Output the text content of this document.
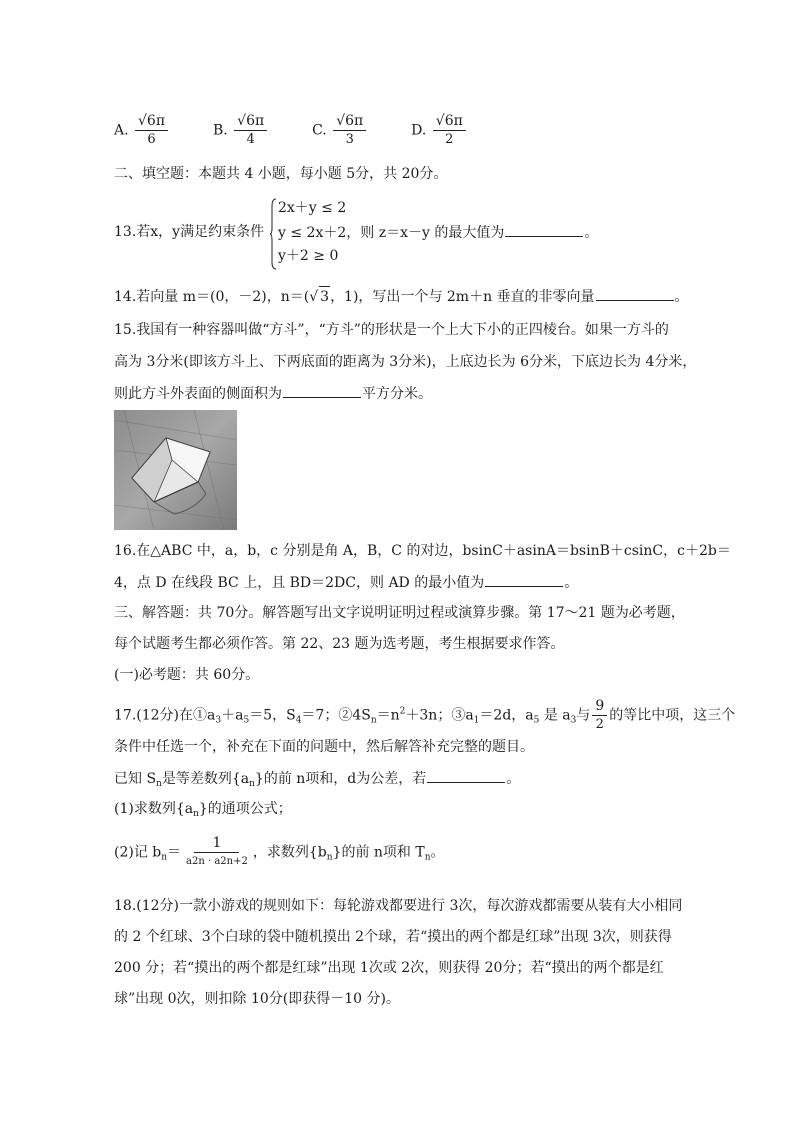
A. $\frac{√6\pi}{6}$	B. $\frac{√6\pi}{4}$	C. $\frac{√6\pi}{3}$	D. $\frac{√6\pi}{2}$
二、填空题：本题共 4 小题，每小题 5分，共 20分。
13.若x，y满足约束条件
2x＋y ≤ 2
y ≤ 2x＋2，则 z＝x－y 的最大值为	。
y＋2 ≥ 0
14.若向量 m＝(0，－2)，n＝(√ 3，1)，写出一个与 2m＋n 垂直的非零向量	。
15.我国有一种容器叫做“方斗”，“方斗”的形状是一个上大下小的正四棱台。如果一方斗的
高为 3分米(即该方斗上、下两底面的距离为 3分米)，上底边长为 6分米，下底边长为 4分米，
则此方斗外表面的侧面积为	平方分米。
16.在△ABC 中，a，b，c 分别是角 A，B，C 的对边，bsinC＋asinA＝bsinB＋csinC，c＋2b＝
4，点 D 在线段 BC 上，且 BD＝2DC，则 AD 的最小值为	。
三、解答题：共 70分。解答题写出文字说明证明过程或演算步骤。第 17～21 题为必考题，
每个试题考生都必须作答。第 22、23 题为选考题，考生根据要求作答。
(一)必考题：共 60分。
17.(12分)在$①a_3+a_5=5$，$S_4=7$；$②4S_n=n^2+3n$；$③a_1=2d$，$a_5$ 是 $a_3$与 $\frac{9}{2}$ 的等比中项，这三个
条件中任选一个，补充在下面的问题中，然后解答补充完整的题目。
已知 $S_n$是等差数列$\{a_n\}$的前 n项和，d为公差，若	。
(1)求数列$\{a_n\}$的通项公式；
(2)记 $b_n= \frac{1}{a2n \cdot a2n+2}$ ，求数列$\{b_n\}$的前 n项和 $T_n$。
18.(12分)一款小游戏的规则如下：每轮游戏都要进行 3次，每次游戏都需要从装有大小相同
的 2 个红球、3个白球的袋中随机摸出 2个球，若“摸出的两个都是红球”出现 3次，则获得
200 分；若“摸出的两个都是红球”出现 1次或 2次，则获得 20分；若“摸出的两个都是红
球”出现 0次，则扣除 10分(即获得－10 分)。
